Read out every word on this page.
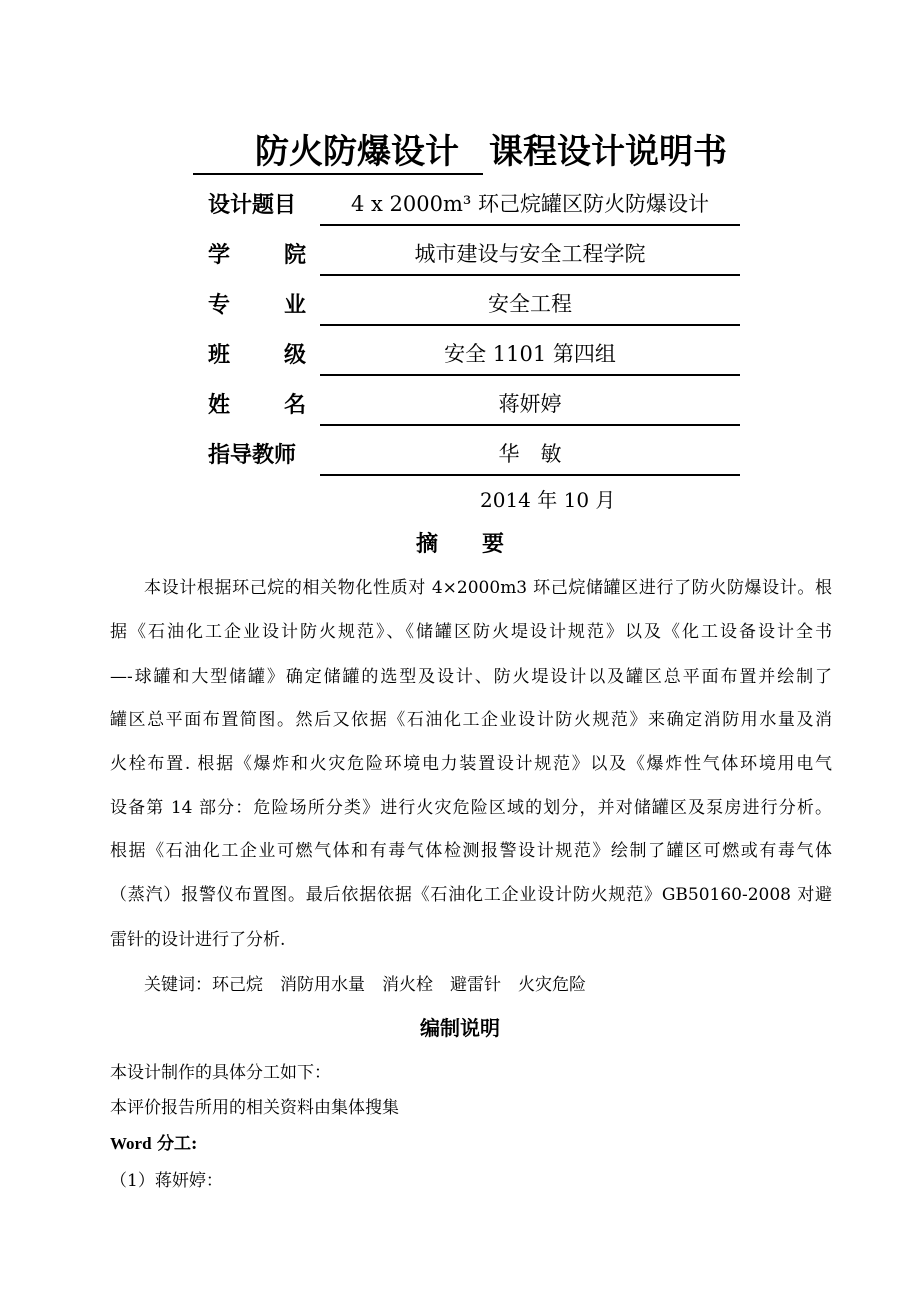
防火防爆设计 课程设计说明书
设计题目	4 x 2000m³ 环己烷罐区防火防爆设计
学 院	城市建设与安全工程学院
专 业	安全工程
班 级	安全 1101 第四组
姓 名	蒋妍婷
指导教师	华　敏
2014 年 10 月
摘　　要
本设计根据环己烷的相关物化性质对 4×2000m3 环己烷储罐区进行了防火防爆设计。根
据《石油化工企业设计防火规范》、《储罐区防火堤设计规范》以及《化工设备设计全书
—-球罐和大型储罐》确定储罐的选型及设计、防火堤设计以及罐区总平面布置并绘制了
罐区总平面布置简图。然后又依据《石油化工企业设计防火规范》来确定消防用水量及消
火栓布置. 根据《爆炸和火灾危险环境电力装置设计规范》以及《爆炸性气体环境用电气
设备第 14 部分：危险场所分类》进行火灾危险区域的划分，并对储罐区及泵房进行分析。
根据《石油化工企业可燃气体和有毒气体检测报警设计规范》绘制了罐区可燃或有毒气体
（蒸汽）报警仪布置图。最后依据依据《石油化工企业设计防火规范》GB50160-2008 对避
雷针的设计进行了分析.
关键词：环己烷　消防用水量　消火栓　避雷针　火灾危险
编制说明
本设计制作的具体分工如下：
本评价报告所用的相关资料由集体搜集
Word 分工:
（1）蒋妍婷：
